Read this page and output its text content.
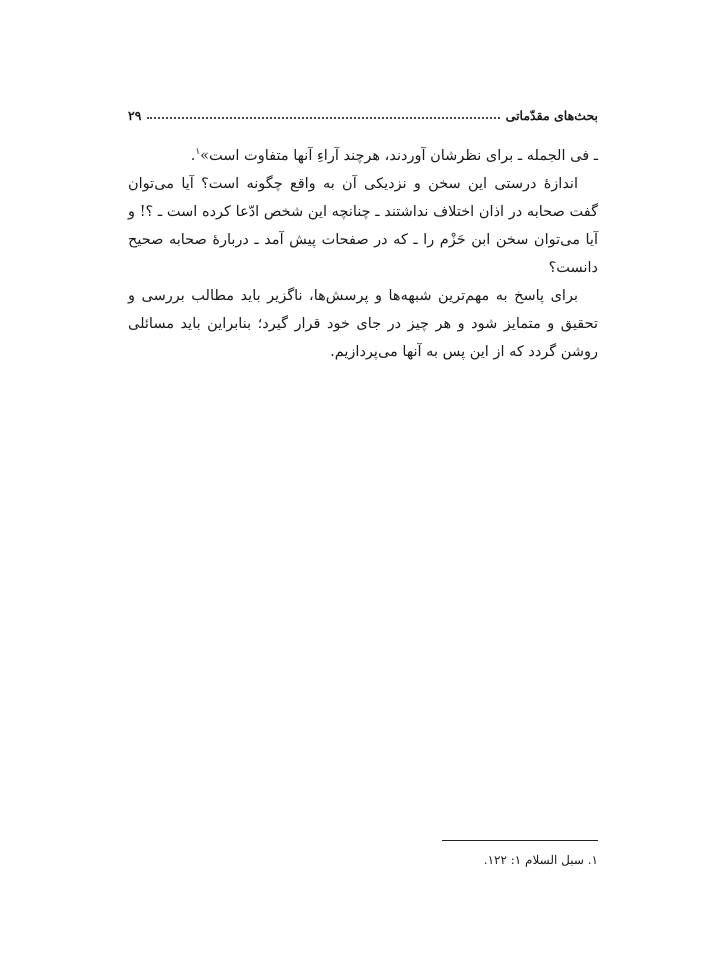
بحث‌های مقدّماتی
۲۹

ـ فی الجمله ـ برای نظرشان آوردند، هرچند آراءِ آنها متفاوت است»$^۱$.

اندازهٔ درستی این سخن و نزدیکی آن به واقع چگونه است؟ آیا می‌توان گفت صحابه در اذان اختلاف نداشتند ـ چنانچه این شخص ادّعا کرده است ـ ؟! و آیا می‌توان سخن ابن حَزْم را ـ که در صفحات پیش آمد ـ دربارهٔ صحابه صحیح دانست؟

برای پاسخ به مهم‌ترین شبهه‌ها و پرسش‌ها، ناگزیر باید مطالب بررسی و تحقیق و متمایز شود و هر چیز در جای خود قرار گیرد؛ بنابراین باید مسائلی روشن گردد که از این پس به آنها می‌پردازیم.

۱. سبل السلام ۱: ۱۲۲.
